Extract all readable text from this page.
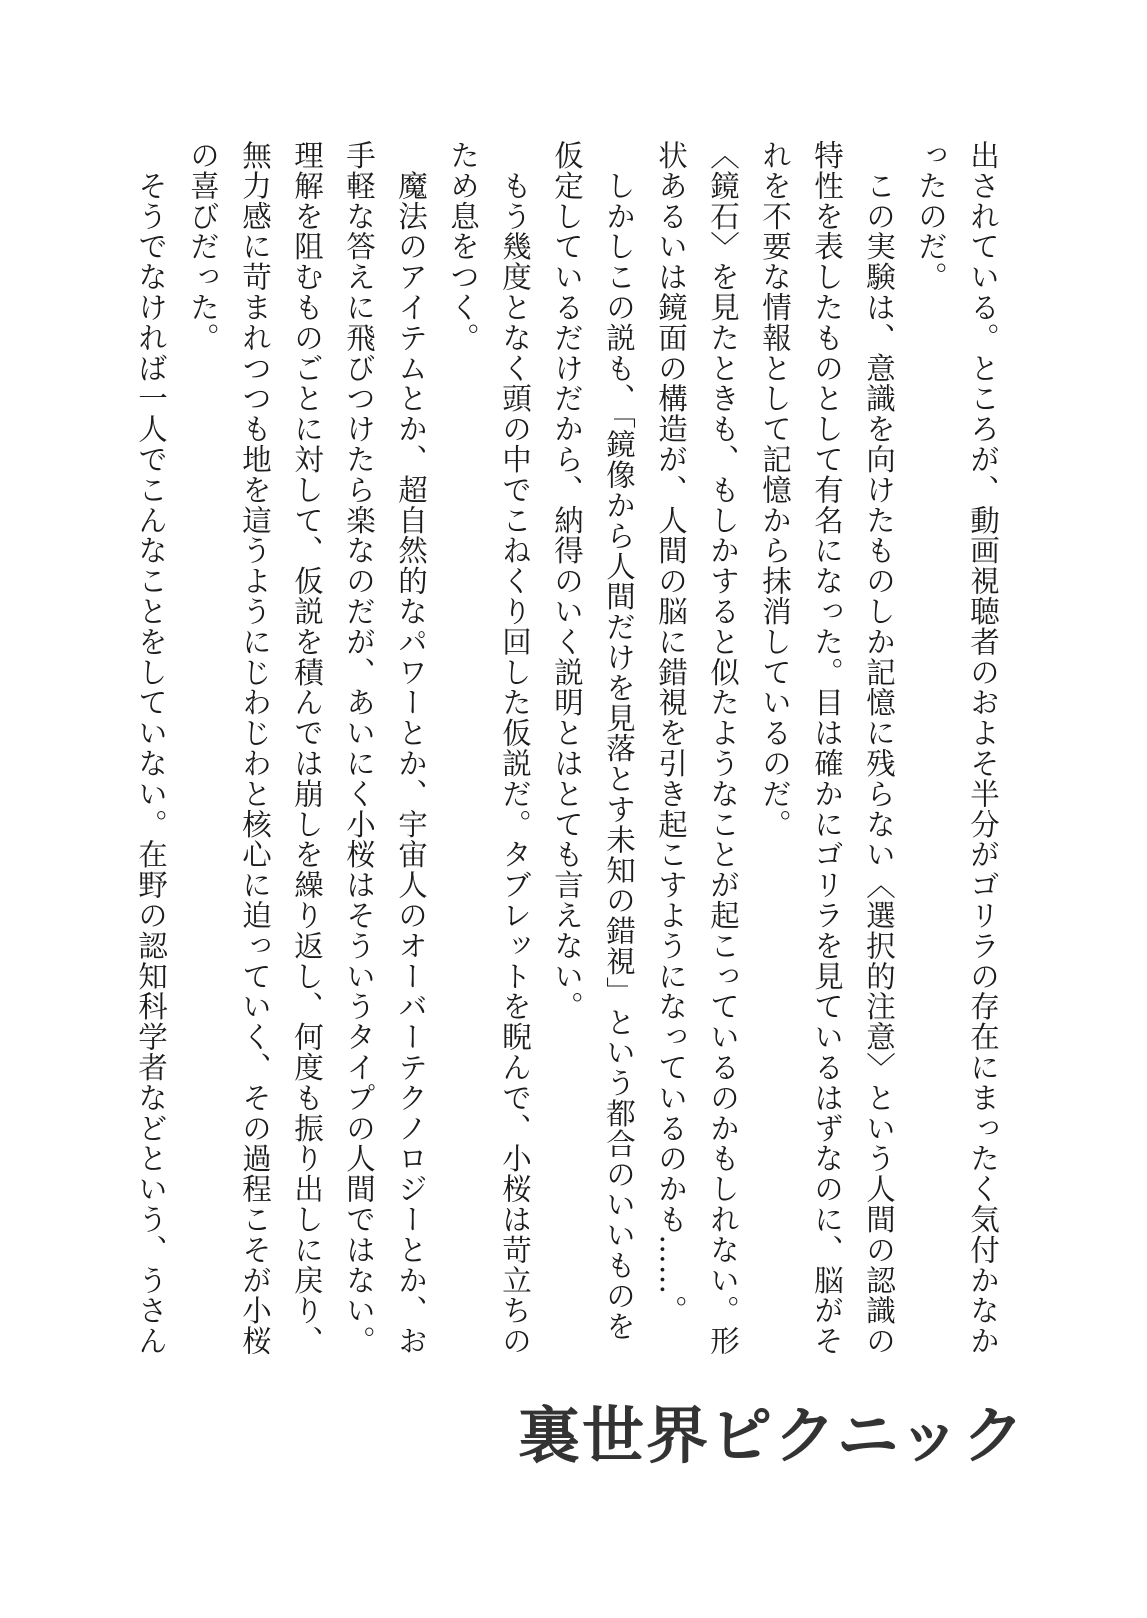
出されている。ところが、動画視聴者のおよそ半分がゴリラの存在にまったく気付かなか

ったのだ。

　この実験は、意識を向けたものしか記憶に残らない〈選択的注意〉という人間の認識の

特性を表したものとして有名になった。目は確かにゴリラを見ているはずなのに、脳がそ

れを不要な情報として記憶から抹消しているのだ。

〈鏡石〉を見たときも、もしかすると似たようなことが起こっているのかもしれない。形

状あるいは鏡面の構造が、人間の脳に錯視を引き起こすようになっているのかも……。

　しかしこの説も、「鏡像から人間だけを見落とす未知の錯視」という都合のいいものを

仮定しているだけだから、納得のいく説明とはとても言えない。

　もう幾度となく頭の中でこねくり回した仮説だ。タブレットを睨んで、小桜は苛立ちの

ため息をつく。

　魔法のアイテムとか、超自然的なパワーとか、宇宙人のオーバーテクノロジーとか、お

手軽な答えに飛びつけたら楽なのだが、あいにく小桜はそういうタイプの人間ではない。

理解を阻むものごとに対して、仮説を積んでは崩しを繰り返し、何度も振り出しに戻り、

無力感に苛まれつつも地を這うようにじわじわと核心に迫っていく、その過程こそが小桜

の喜びだった。

　そうでなければ一人でこんなことをしていない。在野の認知科学者などという、うさん

裏世界ピクニック
